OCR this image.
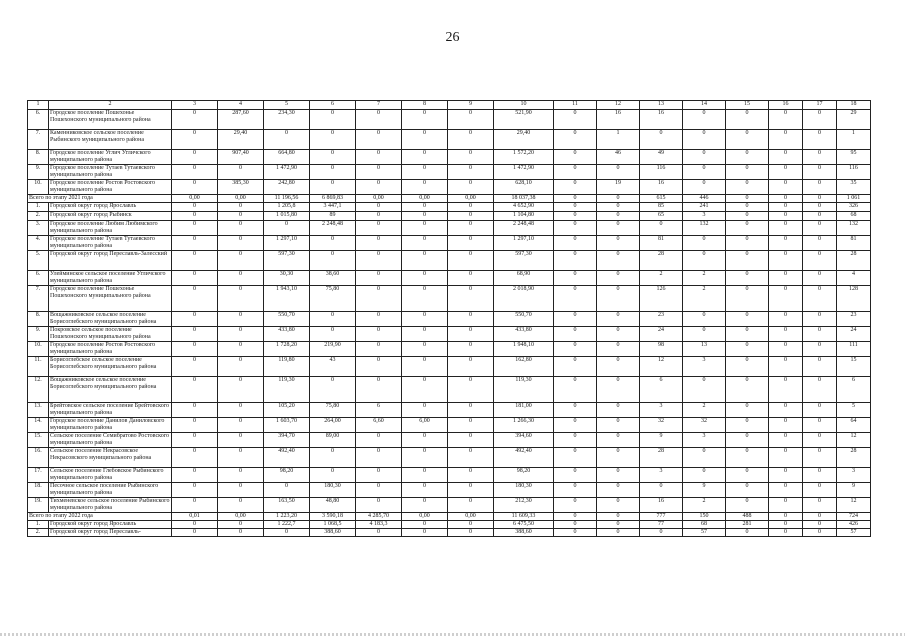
26
1	2	3	4	5	6	7	8	9	10	11	12	13	14	15	16	17	18
6.	Городское поселение Пошехонье Пошехонского муниципального района	0	287,60	234,30	0	0	0	0	521,90	0	16	16	0	0	0	0	29
7.	Каменниковское сельское поселение Рыбинского муниципального района	0	29,40	0	0	0	0	0	29,40	0	1	0	0	0	0	0	1
8.	Городское поселение Углич Угличского муниципального района	0	907,40	664,80	0	0	0	0	1 572,20	0	46	49	0	0	0	0	95
9.	Городское поселение Тутаев Тутаевского муниципального района	0	0	1 472,90	0	0	0	0	1 472,90	0	0	116	0	0	0	0	116
10.	Городское поселение Ростов Ростовского муниципального района	0	385,30	242,80	0	0	0	0	628,10	0	19	16	0	0	0	0	35
Всего по этапу 2021 года		0,00	0,00	11 196,56	6 869,83	0,00	0,00	0,00	18 037,38	0	0	615	446	0	0	0	1 061
1.	Городской округ город Ярославль	0	0	1 205,8	3 447,1	0	0	0	4 652,90	0	0	85	241	0	0	0	326
2.	Городской округ город Рыбинск	0	0	1 015,80	89	0	0	0	1 104,80	0	0	65	3	0	0	0	68
3.	Городское поселение Любим Любимского муниципального района	0	0	0	2 248,48	0	0	0	2 248,48	0	0	0	132	0	0	0	132
4.	Городское поселение Тутаев Тутаевского муниципального района	0	0	1 297,10	0	0	0	0	1 297,10	0	0	81	0	0	0	0	81
5.	Городской округ город Переславль-Залесский	0	0	597,30	0	0	0	0	597,30	0	0	28	0	0	0	0	28
6.	Улейминское сельское поселение Угличского муниципального района	0	0	30,30	38,60	0	0	0	68,90	0	0	2	2	0	0	0	4
7.	Городское поселение Пошехонье Пошехонского муниципального района	0	0	1 943,10	75,80	0	0	0	2 018,90	0	0	126	2	0	0	0	128
8.	Вощажниковское сельское поселение Борисоглебского муниципального района	0	0	550,70	0	0	0	0	550,70	0	0	23	0	0	0	0	23
9.	Покровское сельское поселение Пошехонского муниципального района	0	0	433,80	0	0	0	0	433,80	0	0	24	0	0	0	0	24
10.	Городское поселение Ростов Ростовского муниципального района	0	0	1 728,20	219,90	0	0	0	1 948,10	0	0	98	13	0	0	0	111
11.	Борисоглебское сельское поселение Борисоглебского муниципального района	0	0	119,80	43	0	0	0	162,80	0	0	12	3	0	0	0	15
12.	Вощажниковское сельское поселение Борисоглебского муниципального района	0	0	119,30	0	0	0	0	119,30	0	0	6	0	0	0	0	6
13.	Брейтовское сельское поселение Брейтовского муниципального района	0	0	105,20	75,80	6	0	0	181,00	0	0	3	2	0	0	0	5
14.	Городское поселение Данилов Даниловского муниципального района	0	0	1 603,70	264,00	6,60	6,00	0	1 266,30	0	0	32	32	0	0	0	64
15.	Сельское поселение Семибратово Ростовского муниципального района	0	0	394,70	89,00	0	0	0	394,60	0	0	9	3	0	0	0	12
16.	Сельское поселение Некрасовское Некрасовского муниципального района	0	0	492,40	0	0	0	0	492,40	0	0	28	0	0	0	0	28
17.	Сельское поселение Глебовское Рыбинского муниципального района	0	0	98,20	0	0	0	0	98,20	0	0	3	0	0	0	0	3
18.	Песочное сельское поселение Рыбинского муниципального района	0	0	0	180,30	0	0	0	180,30	0	0	0	9	0	0	0	9
19.	Тихменевское сельское поселение Рыбинского муниципального района	0	0	163,50	48,80	0	0	0	212,30	0	0	16	2	0	0	0	12
Всего по этапу 2022 года		0,01	0,00	1 223,20	3 590,18	4 285,70	0,00	0,00	11 609,33	0	0	777	150	488	0	0	724
1.	Городской округ город Ярославль	0	0	1 222,7	1 068,5	4 183,3	0	0	6 475,50	0	0	77	68	281	0	0	426
2.	Городской округ город Переславль-	0	0	0	388,60	0	0	0	388,60	0	0	0	57	0	0	0	57
